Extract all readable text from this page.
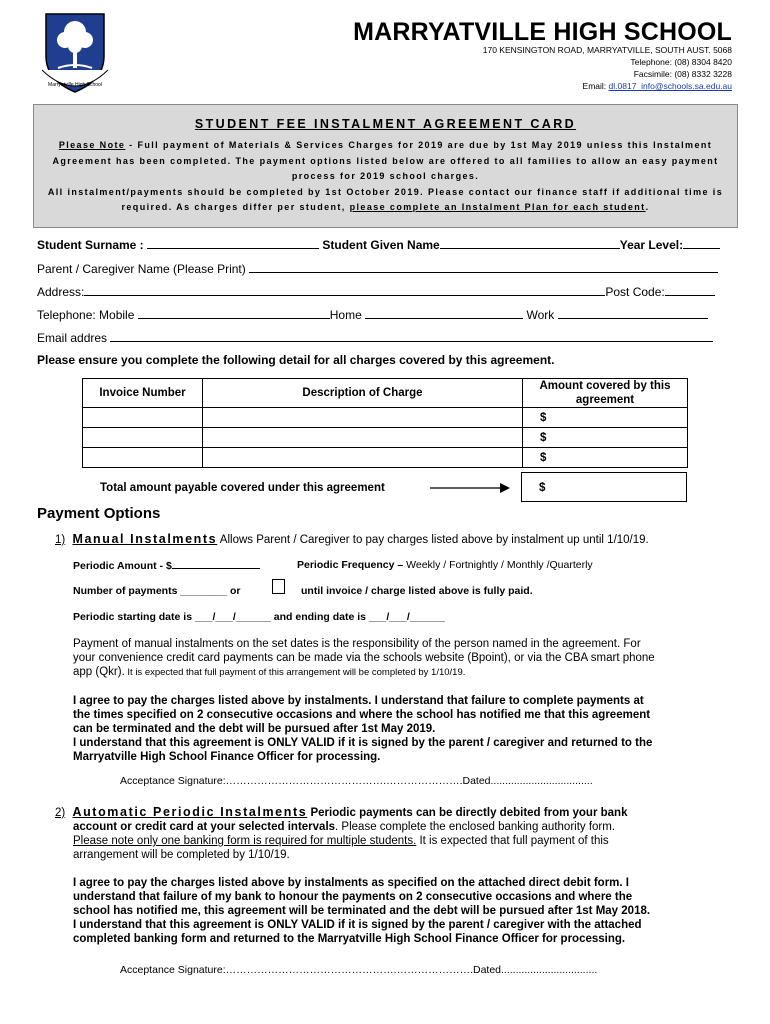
Marryatville High School
MARRYATVILLE HIGH SCHOOL
170 KENSINGTON ROAD, MARRYATVILLE, SOUTH AUST. 5068
Telephone: (08) 8304 8420
Facsimile: (08) 8332 3228
Email: dl.0817_info@schools.sa.edu.au
STUDENT FEE INSTALMENT AGREEMENT CARD
Please Note - Full payment of Materials & Services Charges for 2019 are due by 1st May 2019 unless this Instalment
Agreement has been completed. The payment options listed below are offered to all families to allow an easy payment
process for 2019 school charges.
All instalment/payments should be completed by 1st October 2019. Please contact our finance staff if additional time is
required. As charges differ per student, please complete an Instalment Plan for each student.
Student Surname :	Student Given Name	Year Level:
Parent / Caregiver Name (Please Print)
Address:	Post Code:
Telephone: Mobile	Home	Work
Email addres
Please ensure you complete the following detail for all charges covered by this agreement.
Invoice Number	Description of Charge	Amount covered by this agreement
		$
		$
		$
Total amount payable covered under this agreement	$
Payment Options
1) Manual Instalments Allows Parent / Caregiver to pay charges listed above by instalment up until 1/10/19.
Periodic Amount - $	Periodic Frequency – Weekly / Fortnightly / Monthly /Quarterly
Number of payments ________ or	until invoice / charge listed above is fully paid.
Periodic starting date is ___/___/______ and ending date is ___/___/______
Payment of manual instalments on the set dates is the responsibility of the person named in the agreement. For
your convenience credit card payments can be made via the schools website (Bpoint), or via the CBA smart phone
app (Qkr). It is expected that full payment of this arrangement will be completed by 1/10/19.
I agree to pay the charges listed above by instalments. I understand that failure to complete payments at
the times specified on 2 consecutive occasions and where the school has notified me that this agreement
can be terminated and the debt will be pursued after 1st May 2019.
I understand that this agreement is ONLY VALID if it is signed by the parent / caregiver and returned to the
Marryatville High School Finance Officer for processing.
Acceptance Signature:……………………………………….………………….Dated...................................
2) Automatic Periodic Instalments Periodic payments can be directly debited from your bank
account or credit card at your selected intervals. Please complete the enclosed banking authority form.
Please note only one banking form is required for multiple students. It is expected that full payment of this
arrangement will be completed by 1/10/19.
I agree to pay the charges listed above by instalments as specified on the attached direct debit form. I
understand that failure of my bank to honour the payments on 2 consecutive occasions and where the
school has notified me, this agreement will be terminated and the debt will be pursued after 1st May 2018.
I understand that this agreement is ONLY VALID if it is signed by the parent / caregiver with the attached
completed banking form and returned to the Marryatville High School Finance Officer for processing.
Acceptance Signature:………………………………………….………………….Dated.................................
